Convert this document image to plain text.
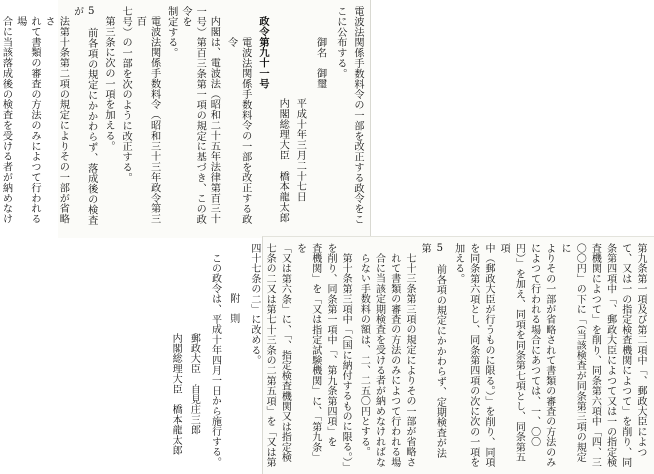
電波法関係手数料令の一部を改正する政令をこ
こに公布する。
御名　御璽
平成十年三月二十七日
内閣総理大臣　橋本龍太郎
政令第九十一号
電波法関係手数料令の一部を改正する政令
内閣は、電波法（昭和二十五年法律第百三十
一号）第百三条第一項の規定に基づき、この政令を
制定する。
電波法関係手数料令（昭和三十三年政令第三百
七号）の一部を次のように改正する。
第三条に次の一項を加える。
5　前各項の規定にかかわらず、落成後の検査が
法第十条第二項の規定によりその一部が省略さ
れて書類の審査の方法のみによつて行われる場
合に当該落成後の検査を受ける者が納めなけ
第九条第一項及び第二項中「、郵政大臣によつ
て、又は一の指定検査機関によつて」を削り、同
条第四項中「、郵政大臣によつて又は一の指定検
査機関によつて」を削り、同条第六項中「四、三
〇〇円」の下に「（当該検査が同条第三項の規定に
よりその一部が省略されて書類の審査の方法のみ
によつて行われる場合にあつては、一、〇〇
円）」を加え、同項を同条第七項とし、同条第五項
中（郵政大臣が行うものに限る。）」を削り、同項
を同条第六項とし、同条第四項の次に次の一項を
加える。
5　前各項の規定にかかわらず、定期検査が法第
七十三条第三項の規定によりその一部が省略さ
れて書類の審査の方法のみによつて行われる場
合に当該定期検査を受ける者が納めなければな
らない手数料の額は、二、二五〇円とする。
第十条第三項中「（国に納付するものに限る。）」
を削り、同条第一項中「、第九条第四項」を
査機関」を「又は指定試験機関」に、「第九条」を
「又は第六条」に、「、指定検査機関又は指定検
七条の二又は第七十三条の二第五項」を「又は第
四十七条の二」に改める。
附　則
この政令は、平成十年四月一日から施行する。
郵政大臣　自見庄三郎
内閣総理大臣　橋本龍太郎
